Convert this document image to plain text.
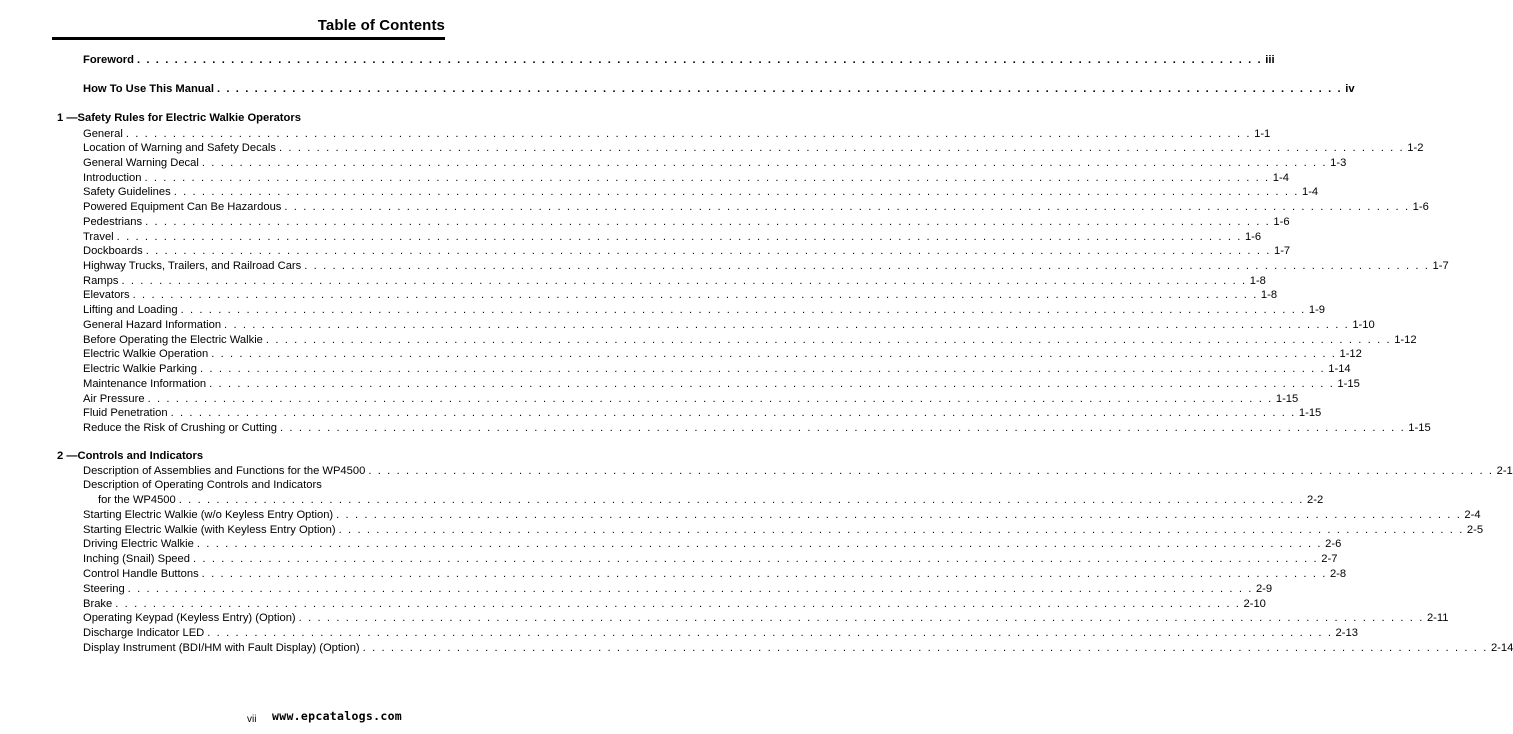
Table of Contents
Foreword . . . . . . . . . . . . . . . . . . . . . . . . . . . . . . . . . . . . . . . . . . . . . . . . . . . . . . . . . . . . . . . . . . . . . . . . . . . . . . . . . . . . . . . . . . . . . . . . . . . . . . . . . . . . . . . . . . . . . . . . iii
How To Use This Manual . . . . . . . . . . . . . . . . . . . . . . . . . . . . . . . . . . . . . . . . . . . . . . . . . . . . . . . . . . . . . . . . . . . . . . . . . . . . . . . . . . . . . . . . . . . . . . . . . . . . . . . . . . . . . . . . . . . . . . . . iv
1 —Safety Rules for Electric Walkie Operators
General . . . . . . . . . . . . . . . . . . . . . . . . . . . . . . . . . . . . . . . . . . . . . . . . . . . . . . . . . . . . . . . . . . . . . . . . . . . . . . . . . . . . . . . . . . . . . . . . . . . . . . . . . . . . . . . . . . . . . . . . 1-1
Location of Warning and Safety Decals . . . . . . . . . . . . . . . . . . . . . . . . . . . . . . . . . . . . . . . . . . . . . . . . . . . . . . . . . . . . . . . . . . . . . . . . . . . . . . . . . . . . . . . . . . . . . . . . . . . . . . . . . . . . . . . . . . . . . . . . 1-2
General Warning Decal . . . . . . . . . . . . . . . . . . . . . . . . . . . . . . . . . . . . . . . . . . . . . . . . . . . . . . . . . . . . . . . . . . . . . . . . . . . . . . . . . . . . . . . . . . . . . . . . . . . . . . . . . . . . . . . . . . . . . . . . 1-3
Introduction . . . . . . . . . . . . . . . . . . . . . . . . . . . . . . . . . . . . . . . . . . . . . . . . . . . . . . . . . . . . . . . . . . . . . . . . . . . . . . . . . . . . . . . . . . . . . . . . . . . . . . . . . . . . . . . . . . . . . . . . 1-4
Safety Guidelines . . . . . . . . . . . . . . . . . . . . . . . . . . . . . . . . . . . . . . . . . . . . . . . . . . . . . . . . . . . . . . . . . . . . . . . . . . . . . . . . . . . . . . . . . . . . . . . . . . . . . . . . . . . . . . . . . . . . . . . . 1-4
Powered Equipment Can Be Hazardous . . . . . . . . . . . . . . . . . . . . . . . . . . . . . . . . . . . . . . . . . . . . . . . . . . . . . . . . . . . . . . . . . . . . . . . . . . . . . . . . . . . . . . . . . . . . . . . . . . . . . . . . . . . . . . . . . . . . . . . . 1-6
Pedestrians . . . . . . . . . . . . . . . . . . . . . . . . . . . . . . . . . . . . . . . . . . . . . . . . . . . . . . . . . . . . . . . . . . . . . . . . . . . . . . . . . . . . . . . . . . . . . . . . . . . . . . . . . . . . . . . . . . . . . . . . 1-6
Travel . . . . . . . . . . . . . . . . . . . . . . . . . . . . . . . . . . . . . . . . . . . . . . . . . . . . . . . . . . . . . . . . . . . . . . . . . . . . . . . . . . . . . . . . . . . . . . . . . . . . . . . . . . . . . . . . . . . . . . . . 1-6
Dockboards . . . . . . . . . . . . . . . . . . . . . . . . . . . . . . . . . . . . . . . . . . . . . . . . . . . . . . . . . . . . . . . . . . . . . . . . . . . . . . . . . . . . . . . . . . . . . . . . . . . . . . . . . . . . . . . . . . . . . . . . 1-7
Highway Trucks, Trailers, and Railroad Cars . . . . . . . . . . . . . . . . . . . . . . . . . . . . . . . . . . . . . . . . . . . . . . . . . . . . . . . . . . . . . . . . . . . . . . . . . . . . . . . . . . . . . . . . . . . . . . . . . . . . . . . . . . . . . . . . . . . . . . . . 1-7
Ramps . . . . . . . . . . . . . . . . . . . . . . . . . . . . . . . . . . . . . . . . . . . . . . . . . . . . . . . . . . . . . . . . . . . . . . . . . . . . . . . . . . . . . . . . . . . . . . . . . . . . . . . . . . . . . . . . . . . . . . . . 1-8
Elevators . . . . . . . . . . . . . . . . . . . . . . . . . . . . . . . . . . . . . . . . . . . . . . . . . . . . . . . . . . . . . . . . . . . . . . . . . . . . . . . . . . . . . . . . . . . . . . . . . . . . . . . . . . . . . . . . . . . . . . . . 1-8
Lifting and Loading . . . . . . . . . . . . . . . . . . . . . . . . . . . . . . . . . . . . . . . . . . . . . . . . . . . . . . . . . . . . . . . . . . . . . . . . . . . . . . . . . . . . . . . . . . . . . . . . . . . . . . . . . . . . . . . . . . . . . . . . 1-9
General Hazard Information . . . . . . . . . . . . . . . . . . . . . . . . . . . . . . . . . . . . . . . . . . . . . . . . . . . . . . . . . . . . . . . . . . . . . . . . . . . . . . . . . . . . . . . . . . . . . . . . . . . . . . . . . . . . . . . . . . . . . . . . 1-10
Before Operating the Electric Walkie . . . . . . . . . . . . . . . . . . . . . . . . . . . . . . . . . . . . . . . . . . . . . . . . . . . . . . . . . . . . . . . . . . . . . . . . . . . . . . . . . . . . . . . . . . . . . . . . . . . . . . . . . . . . . . . . . . . . . . . . 1-12
Electric Walkie Operation . . . . . . . . . . . . . . . . . . . . . . . . . . . . . . . . . . . . . . . . . . . . . . . . . . . . . . . . . . . . . . . . . . . . . . . . . . . . . . . . . . . . . . . . . . . . . . . . . . . . . . . . . . . . . . . . . . . . . . . . 1-12
Electric Walkie Parking . . . . . . . . . . . . . . . . . . . . . . . . . . . . . . . . . . . . . . . . . . . . . . . . . . . . . . . . . . . . . . . . . . . . . . . . . . . . . . . . . . . . . . . . . . . . . . . . . . . . . . . . . . . . . . . . . . . . . . . . 1-14
Maintenance Information . . . . . . . . . . . . . . . . . . . . . . . . . . . . . . . . . . . . . . . . . . . . . . . . . . . . . . . . . . . . . . . . . . . . . . . . . . . . . . . . . . . . . . . . . . . . . . . . . . . . . . . . . . . . . . . . . . . . . . . . 1-15
Air Pressure . . . . . . . . . . . . . . . . . . . . . . . . . . . . . . . . . . . . . . . . . . . . . . . . . . . . . . . . . . . . . . . . . . . . . . . . . . . . . . . . . . . . . . . . . . . . . . . . . . . . . . . . . . . . . . . . . . . . . . . . 1-15
Fluid Penetration . . . . . . . . . . . . . . . . . . . . . . . . . . . . . . . . . . . . . . . . . . . . . . . . . . . . . . . . . . . . . . . . . . . . . . . . . . . . . . . . . . . . . . . . . . . . . . . . . . . . . . . . . . . . . . . . . . . . . . . . 1-15
Reduce the Risk of Crushing or Cutting . . . . . . . . . . . . . . . . . . . . . . . . . . . . . . . . . . . . . . . . . . . . . . . . . . . . . . . . . . . . . . . . . . . . . . . . . . . . . . . . . . . . . . . . . . . . . . . . . . . . . . . . . . . . . . . . . . . . . . . . 1-15
2 —Controls and Indicators
Description of Assemblies and Functions for the WP4500 . . . . . . . . . . . . . . . . . . . . . . . . . . . . . . . . . . . . . . . . . . . . . . . . . . . . . . . . . . . . . . . . . . . . . . . . . . . . . . . . . . . . . . . . . . . . . . . . . . . . . . . . . . . . . . . . . . . . . . . . 2-1
Description of Operating Controls and Indicators
for the WP4500 . . . . . . . . . . . . . . . . . . . . . . . . . . . . . . . . . . . . . . . . . . . . . . . . . . . . . . . . . . . . . . . . . . . . . . . . . . . . . . . . . . . . . . . . . . . . . . . . . . . . . . . . . . . . . . . . . . . . . . . . 2-2
Starting Electric Walkie (w/o Keyless Entry Option) . . . . . . . . . . . . . . . . . . . . . . . . . . . . . . . . . . . . . . . . . . . . . . . . . . . . . . . . . . . . . . . . . . . . . . . . . . . . . . . . . . . . . . . . . . . . . . . . . . . . . . . . . . . . . . . . . . . . . . . . 2-4
Starting Electric Walkie (with Keyless Entry Option) . . . . . . . . . . . . . . . . . . . . . . . . . . . . . . . . . . . . . . . . . . . . . . . . . . . . . . . . . . . . . . . . . . . . . . . . . . . . . . . . . . . . . . . . . . . . . . . . . . . . . . . . . . . . . . . . . . . . . . . . 2-5
Driving Electric Walkie . . . . . . . . . . . . . . . . . . . . . . . . . . . . . . . . . . . . . . . . . . . . . . . . . . . . . . . . . . . . . . . . . . . . . . . . . . . . . . . . . . . . . . . . . . . . . . . . . . . . . . . . . . . . . . . . . . . . . . . . 2-6
Inching (Snail) Speed . . . . . . . . . . . . . . . . . . . . . . . . . . . . . . . . . . . . . . . . . . . . . . . . . . . . . . . . . . . . . . . . . . . . . . . . . . . . . . . . . . . . . . . . . . . . . . . . . . . . . . . . . . . . . . . . . . . . . . . . 2-7
Control Handle Buttons . . . . . . . . . . . . . . . . . . . . . . . . . . . . . . . . . . . . . . . . . . . . . . . . . . . . . . . . . . . . . . . . . . . . . . . . . . . . . . . . . . . . . . . . . . . . . . . . . . . . . . . . . . . . . . . . . . . . . . . . 2-8
Steering . . . . . . . . . . . . . . . . . . . . . . . . . . . . . . . . . . . . . . . . . . . . . . . . . . . . . . . . . . . . . . . . . . . . . . . . . . . . . . . . . . . . . . . . . . . . . . . . . . . . . . . . . . . . . . . . . . . . . . . . 2-9
Brake . . . . . . . . . . . . . . . . . . . . . . . . . . . . . . . . . . . . . . . . . . . . . . . . . . . . . . . . . . . . . . . . . . . . . . . . . . . . . . . . . . . . . . . . . . . . . . . . . . . . . . . . . . . . . . . . . . . . . . . . 2-10
Operating Keypad (Keyless Entry) (Option) . . . . . . . . . . . . . . . . . . . . . . . . . . . . . . . . . . . . . . . . . . . . . . . . . . . . . . . . . . . . . . . . . . . . . . . . . . . . . . . . . . . . . . . . . . . . . . . . . . . . . . . . . . . . . . . . . . . . . . . . 2-11
Discharge Indicator LED . . . . . . . . . . . . . . . . . . . . . . . . . . . . . . . . . . . . . . . . . . . . . . . . . . . . . . . . . . . . . . . . . . . . . . . . . . . . . . . . . . . . . . . . . . . . . . . . . . . . . . . . . . . . . . . . . . . . . . . . 2-13
Display Instrument (BDI/HM with Fault Display) (Option) . . . . . . . . . . . . . . . . . . . . . . . . . . . . . . . . . . . . . . . . . . . . . . . . . . . . . . . . . . . . . . . . . . . . . . . . . . . . . . . . . . . . . . . . . . . . . . . . . . . . . . . . . . . . . . . . . . . . . . . . 2-14
vii www.epcatalogs.com
